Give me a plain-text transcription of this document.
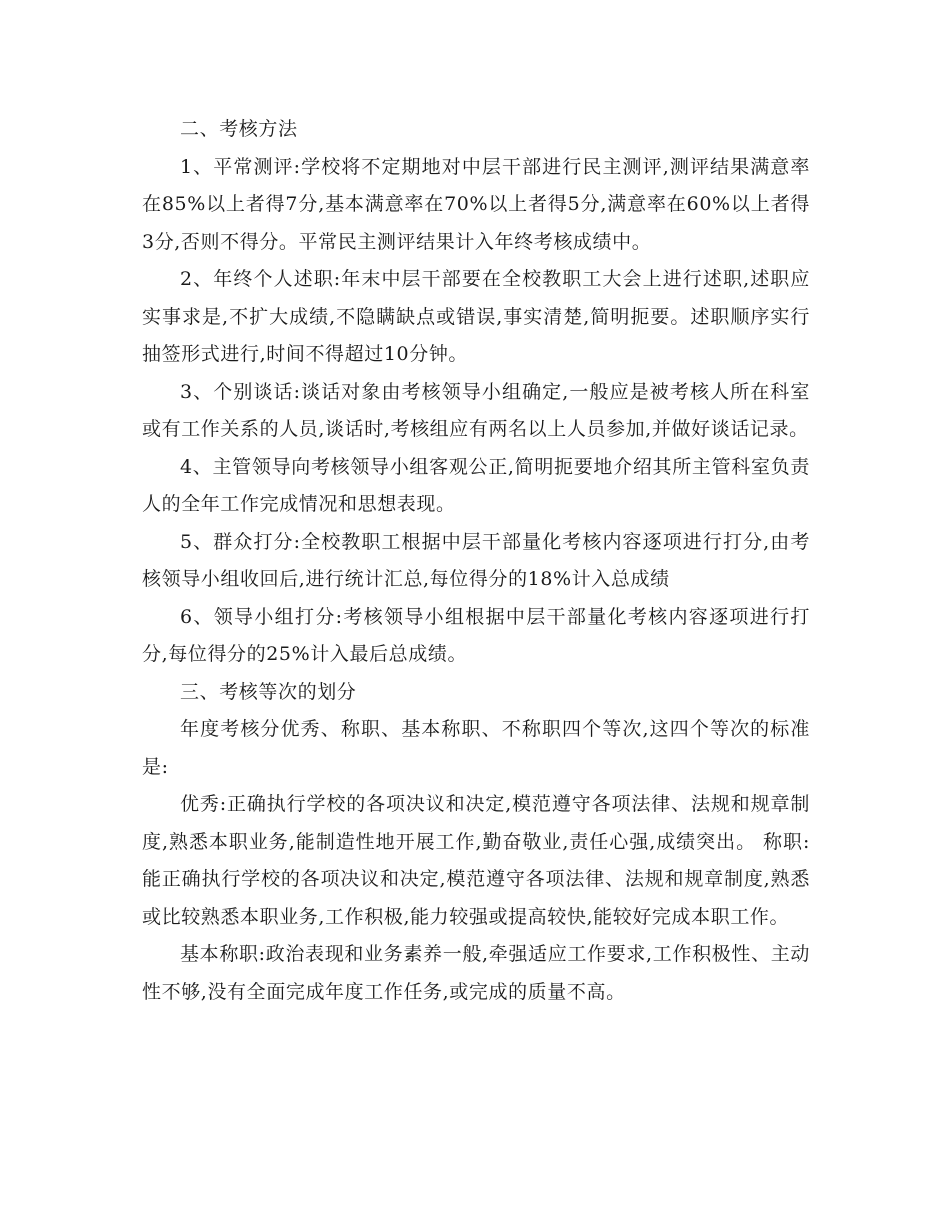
二、考核方法

1、平常测评:学校将不定期地对中层干部进行民主测评,测评结果满意率在85%以上者得7分,基本满意率在70%以上者得5分,满意率在60%以上者得3分,否则不得分。平常民主测评结果计入年终考核成绩中。

2、年终个人述职:年末中层干部要在全校教职工大会上进行述职,述职应实事求是,不扩大成绩,不隐瞒缺点或错误,事实清楚,简明扼要。述职顺序实行抽签形式进行,时间不得超过10分钟。

3、个别谈话:谈话对象由考核领导小组确定,一般应是被考核人所在科室或有工作关系的人员,谈话时,考核组应有两名以上人员参加,并做好谈话记录。

4、主管领导向考核领导小组客观公正,简明扼要地介绍其所主管科室负责人的全年工作完成情况和思想表现。

5、群众打分:全校教职工根据中层干部量化考核内容逐项进行打分,由考核领导小组收回后,进行统计汇总,每位得分的18%计入总成绩

6、领导小组打分:考核领导小组根据中层干部量化考核内容逐项进行打分,每位得分的25%计入最后总成绩。

三、考核等次的划分

年度考核分优秀、称职、基本称职、不称职四个等次,这四个等次的标准是:

优秀:正确执行学校的各项决议和决定,模范遵守各项法律、法规和规章制度,熟悉本职业务,能制造性地开展工作,勤奋敬业,责任心强,成绩突出。 称职:能正确执行学校的各项决议和决定,模范遵守各项法律、法规和规章制度,熟悉或比较熟悉本职业务,工作积极,能力较强或提高较快,能较好完成本职工作。

基本称职:政治表现和业务素养一般,牵强适应工作要求,工作积极性、主动性不够,没有全面完成年度工作任务,或完成的质量不高。
